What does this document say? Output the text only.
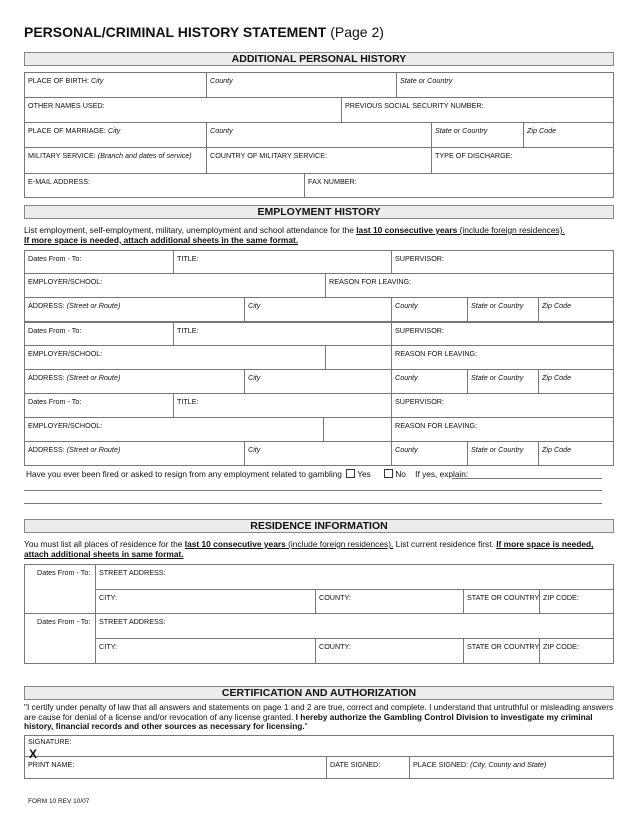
PERSONAL/CRIMINAL HISTORY STATEMENT (Page 2)
ADDITIONAL PERSONAL HISTORY
PLACE OF BIRTH: City	County	State or Country
OTHER NAMES USED:	PREVIOUS SOCIAL SECURITY NUMBER:
PLACE OF MARRIAGE: City	County	State or Country	Zip Code
MILITARY SERVICE: (Branch and dates of service)	COUNTRY OF MILITARY SERVICE:	TYPE OF DISCHARGE:
E-MAIL ADDRESS:	FAX NUMBER:
EMPLOYMENT HISTORY
List employment, self-employment, military, unemployment and school attendance for the last 10 consecutive years (include foreign residences).
If more space is needed, attach additional sheets in the same format.
Dates From - To:	TITLE:	SUPERVISOR:
EMPLOYER/SCHOOL:	REASON FOR LEAVING:
ADDRESS: (Street or Route)	City	County	State or Country	Zip Code
Dates From - To:	TITLE:	SUPERVISOR:
EMPLOYER/SCHOOL:	REASON FOR LEAVING:
ADDRESS: (Street or Route)	City	County	State or Country	Zip Code
Dates From - To:	TITLE:	SUPERVISOR:
EMPLOYER/SCHOOL:	REASON FOR LEAVING:
ADDRESS: (Street or Route)	City	County	State or Country	Zip Code
Have you ever been fired or asked to resign from any employment related to gambling Yes	No If yes, explain:
RESIDENCE INFORMATION
You must list all places of residence for the last 10 consecutive years (include foreign residences). List current residence first. If more space is needed, attach additional sheets in same format.
Dates From - To: STREET ADDRESS:
CITY:	COUNTY:	STATE OR COUNTRY: ZIP CODE:
Dates From - To: STREET ADDRESS:
CITY:	COUNTY:	STATE OR COUNTRY: ZIP CODE:
CERTIFICATION AND AUTHORIZATION
"I certify under penalty of law that all answers and statements on page 1 and 2 are true, correct and complete. I understand that untruthful or misleading answers are cause for denial of a license and/or revocation of any license granted. I hereby authorize the Gambling Control Division to investigate my criminal history, financial records and other sources as necessary for licensing."
SIGNATURE:
X
PRINT NAME:	DATE SIGNED:	PLACE SIGNED: (City, County and State)
FORM 10 REV 10/07
